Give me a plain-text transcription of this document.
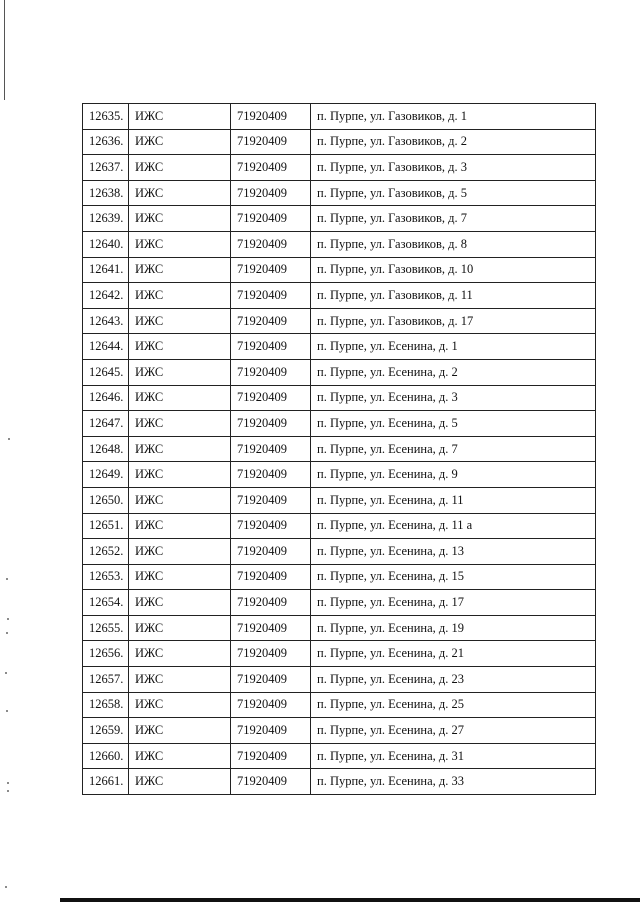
12635.	ИЖС	71920409	п. Пурпе, ул. Газовиков, д. 1
12636.	ИЖС	71920409	п. Пурпе, ул. Газовиков, д. 2
12637.	ИЖС	71920409	п. Пурпе, ул. Газовиков, д. 3
12638.	ИЖС	71920409	п. Пурпе, ул. Газовиков, д. 5
12639.	ИЖС	71920409	п. Пурпе, ул. Газовиков, д. 7
12640.	ИЖС	71920409	п. Пурпе, ул. Газовиков, д. 8
12641.	ИЖС	71920409	п. Пурпе, ул. Газовиков, д. 10
12642.	ИЖС	71920409	п. Пурпе, ул. Газовиков, д. 11
12643.	ИЖС	71920409	п. Пурпе, ул. Газовиков, д. 17
12644.	ИЖС	71920409	п. Пурпе, ул. Есенина, д. 1
12645.	ИЖС	71920409	п. Пурпе, ул. Есенина, д. 2
12646.	ИЖС	71920409	п. Пурпе, ул. Есенина, д. 3
12647.	ИЖС	71920409	п. Пурпе, ул. Есенина, д. 5
12648.	ИЖС	71920409	п. Пурпе, ул. Есенина, д. 7
12649.	ИЖС	71920409	п. Пурпе, ул. Есенина, д. 9
12650.	ИЖС	71920409	п. Пурпе, ул. Есенина, д. 11
12651.	ИЖС	71920409	п. Пурпе, ул. Есенина, д. 11 а
12652.	ИЖС	71920409	п. Пурпе, ул. Есенина, д. 13
12653.	ИЖС	71920409	п. Пурпе, ул. Есенина, д. 15
12654.	ИЖС	71920409	п. Пурпе, ул. Есенина, д. 17
12655.	ИЖС	71920409	п. Пурпе, ул. Есенина, д. 19
12656.	ИЖС	71920409	п. Пурпе, ул. Есенина, д. 21
12657.	ИЖС	71920409	п. Пурпе, ул. Есенина, д. 23
12658.	ИЖС	71920409	п. Пурпе, ул. Есенина, д. 25
12659.	ИЖС	71920409	п. Пурпе, ул. Есенина, д. 27
12660.	ИЖС	71920409	п. Пурпе, ул. Есенина, д. 31
12661.	ИЖС	71920409	п. Пурпе, ул. Есенина, д. 33
